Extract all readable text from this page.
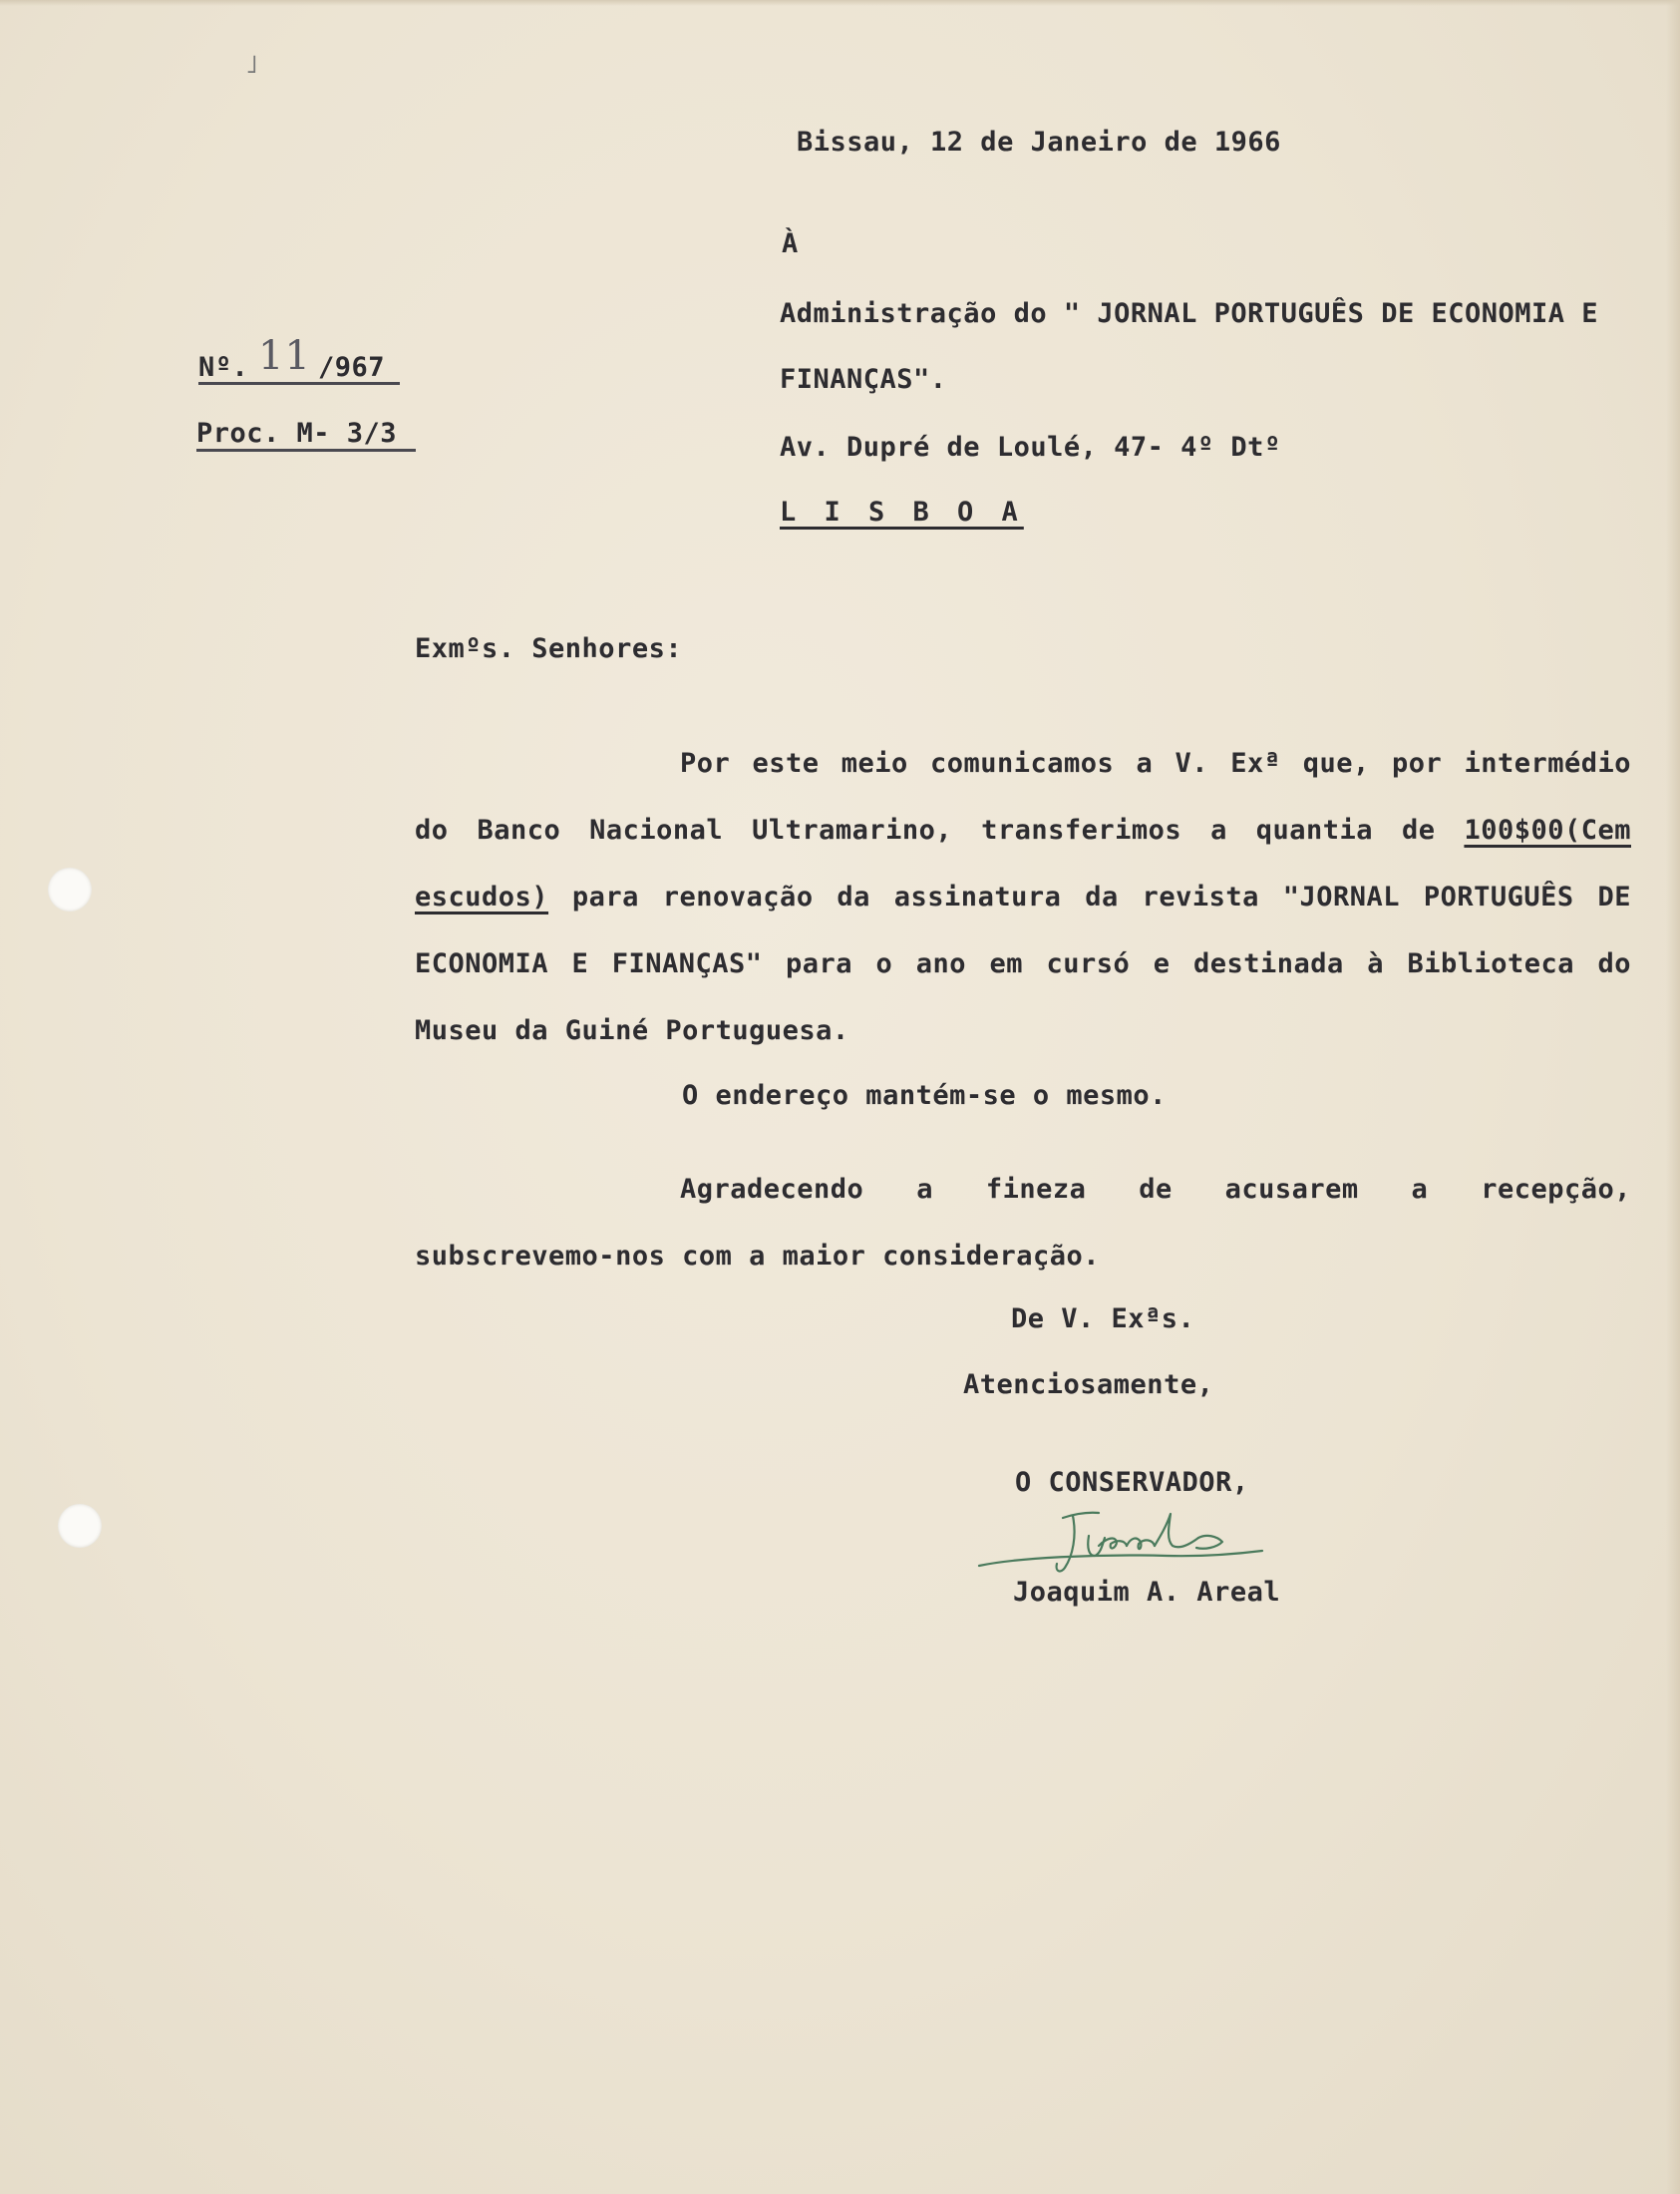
˩

Bissau, 12 de Janeiro de 1966

À

Nº. 11 /967

Proc. M- 3/3

Administração do " JORNAL PORTUGUÊS DE ECONOMIA E

FINANÇAS".

Av. Dupré de Loulé, 47- 4º Dtº

L I S B O A

Exmºs. Senhores:

Por este meio comunicamos a V. Exª que, por intermédio do Banco Nacional Ultramarino, transferimos a quantia de 100$00(Cem escudos) para renovação da assinatura da revista "JORNAL PORTUGUÊS DE ECONOMIA E FINANÇAS" para o ano em cursó e destinada à Biblioteca do Museu da Guiné Portuguesa.

O endereço mantém-se o mesmo.

Agradecendo a fineza de acusarem a recepção, subscrevemo-nos com a maior consideração.

De V. Exªs.

Atenciosamente,

O CONSERVADOR,

Joaquim A. Areal
